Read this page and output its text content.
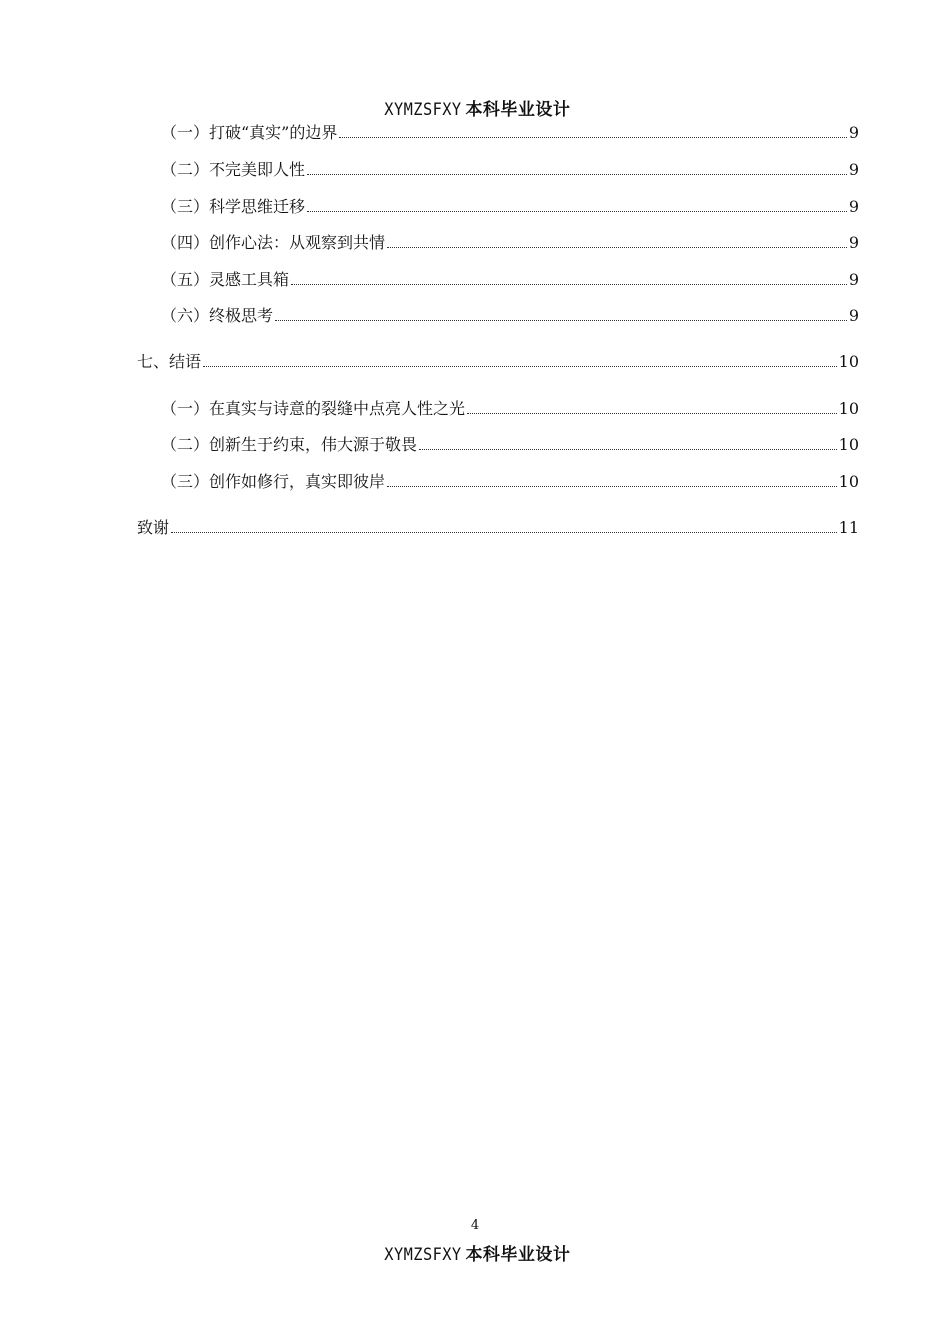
XYMZSFXY 本科毕业设计
（一）打破“真实”的边界	9
（二）不完美即人性	9
（三）科学思维迁移	9
（四）创作心法：从观察到共情	9
（五）灵感工具箱	9
（六）终极思考	9
七、结语	10
（一）在真实与诗意的裂缝中点亮人性之光	10
（二）创新生于约束，伟大源于敬畏	10
（三）创作如修行，真实即彼岸	10
致谢	11
4
XYMZSFXY 本科毕业设计
